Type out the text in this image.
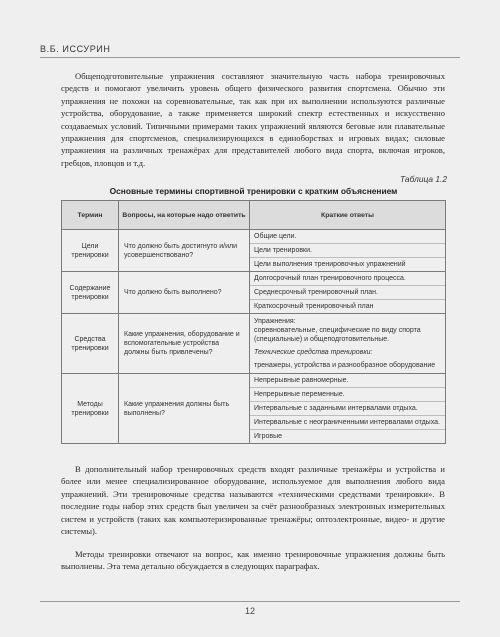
В.Б. ИССУРИН

Общеподготовительные упражнения составляют значительную часть набора тренировочных средств и помогают увеличить уровень общего физического развития спортсмена. Обычно эти упражнения не похожи на соревновательные, так как при их выполнении используются различные устройства, оборудование, а также применяется широкий спектр естественных и искусственно создаваемых условий. Типичными примерами таких упражнений являются беговые или плавательные упражнения для спортсменов, специализирующихся в единоборствах и игровых видах; силовые упражнения на различных тренажёрах для представителей любого вида спорта, включая игроков, гребцов, пловцов и т.д.

Таблица 1.2
Основные термины спортивной тренировки с кратким объяснением
Термин	Вопросы, на которые надо ответить	Краткие ответы
Цели тренировки	Что должно быть достигнуто и/или усовершенствовано?	Общие цели.
Цели тренировки.
Цели выполнения тренировочных упражнений

Содержание тренировки	Что должно быть выполнено?	Долгосрочный план тренировочного процесса.
Среднесрочный тренировочный план.
Краткосрочный тренировочный план

Средства тренировки	Какие упражнения, оборудование и вспомогательные устройства должны быть привлечены?	Упражнения:
соревновательные, специфические по виду спорта (специальные) и общеподготовительные.
Технические средства тренировки:
тренажеры, устройства и разнообразное оборудование

Методы тренировки	Какие упражнения должны быть выполнены?	Непрерывные равномерные.
Непрерывные переменные.
Интервальные с заданными интервалами отдыха.
Интервальные с неограниченными интервалами отдыха.
Игровые

В дополнительный набор тренировочных средств входят различные тренажёры и устройства и более или менее специализированное оборудование, используемое для выполнения любого вида упражнений. Эти тренировочные средства называются «техническими средствами тренировки». В последние годы набор этих средств был увеличен за счёт разнообразных электронных измерительных систем и устройств (таких как компьютеризированные тренажёры; оптоэлектронные, видео- и другие системы).

Методы тренировки отвечают на вопрос, как именно тренировочные упражнения должны быть выполнены. Эта тема детально обсуждается в следующих параграфах.

12
